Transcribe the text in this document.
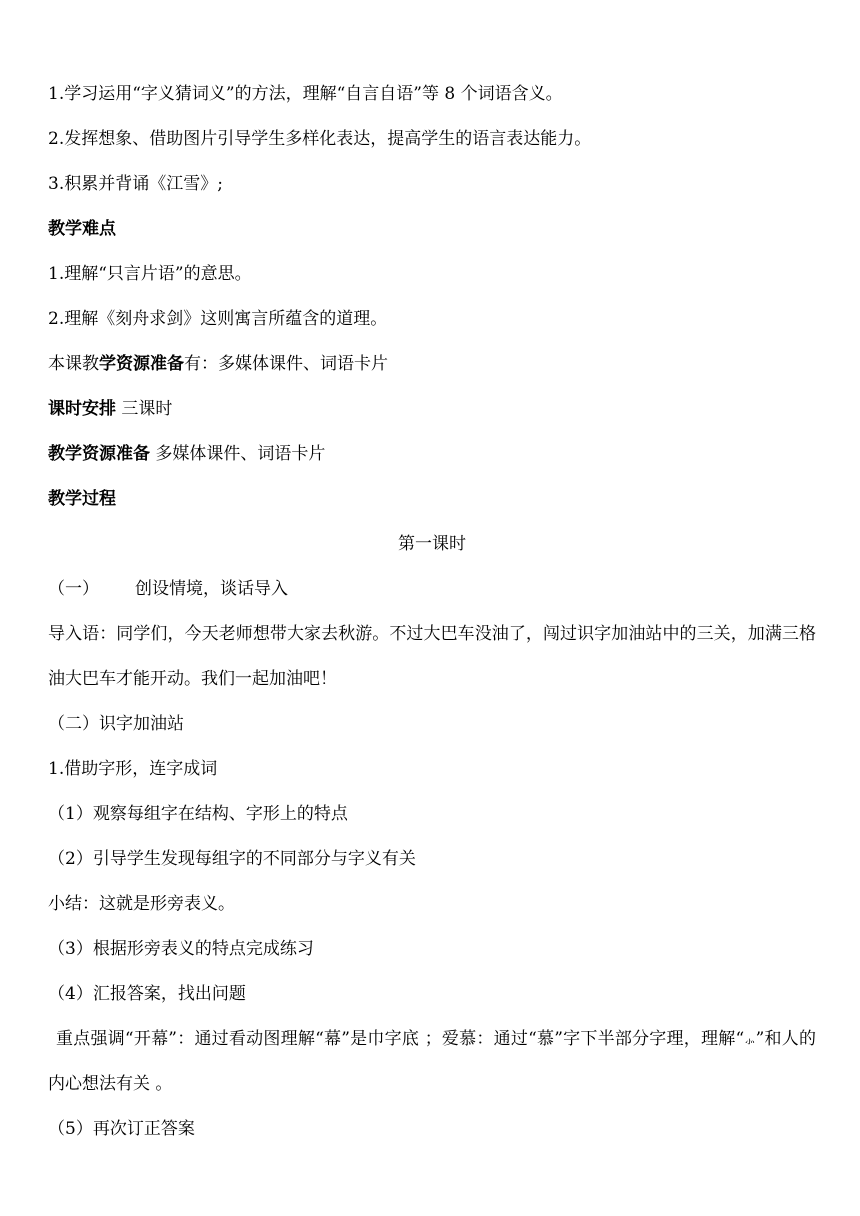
1.学习运用“字义猜词义”的方法，理解“自言自语”等 8 个词语含义。
2.发挥想象、借助图片引导学生多样化表达，提高学生的语言表达能力。
3.积累并背诵《江雪》;
教学难点
1.理解“只言片语”的意思。
2.理解《刻舟求剑》这则寓言所蕴含的道理。
本课教学资源准备有：多媒体课件、词语卡片
课时安排 三课时
教学资源准备 多媒体课件、词语卡片
教学过程
第一课时
（一） 创设情境，谈话导入
导入语：同学们，今天老师想带大家去秋游。不过大巴车没油了，闯过识字加油站中的三关，加满三格油大巴车才能开动。我们一起加油吧！
（二）识字加油站
1.借助字形，连字成词
（1）观察每组字在结构、字形上的特点
（2）引导学生发现每组字的不同部分与字义有关
小结：这就是形旁表义。
（3）根据形旁表义的特点完成练习
（4）汇报答案，找出问题
重点强调“开幕”：通过看动图理解“幕”是巾字底 ；爱慕：通过“慕”字下半部分字理，理解“⺗”和人的内心想法有关 。
（5）再次订正答案
